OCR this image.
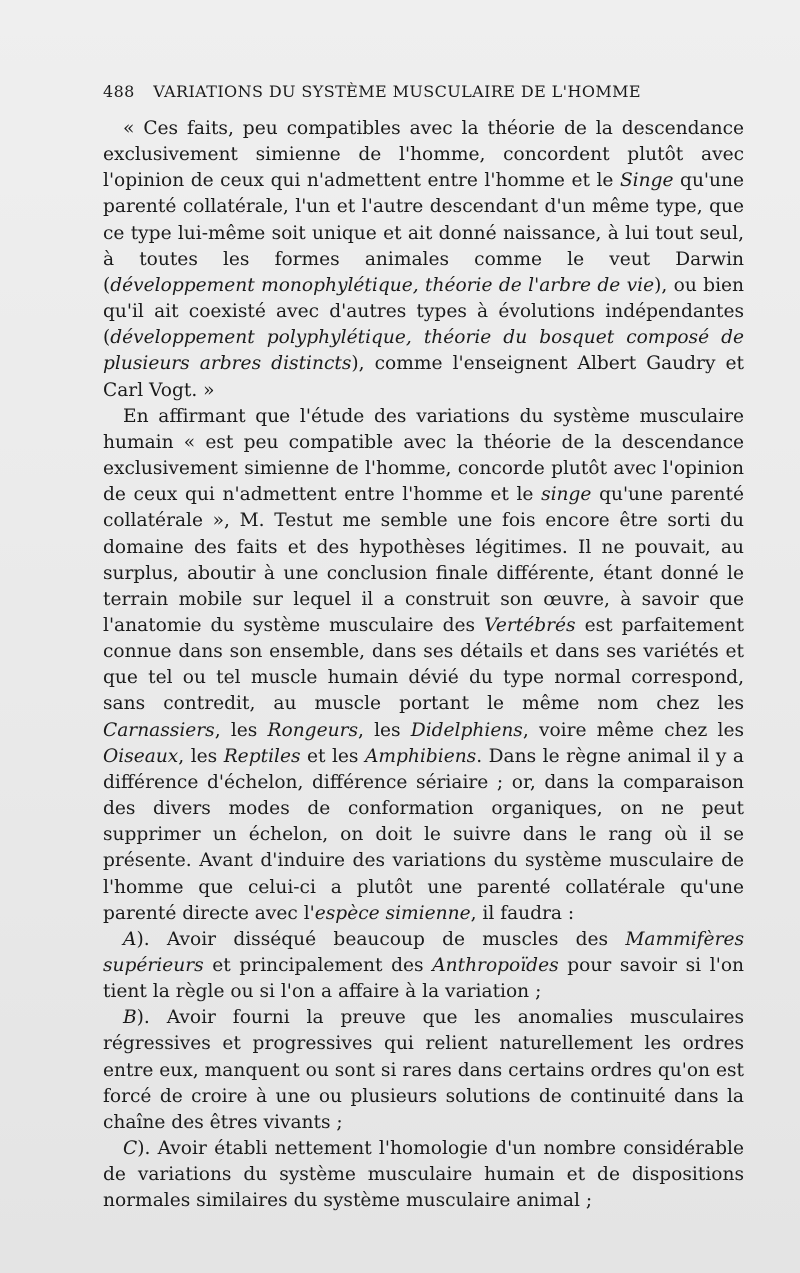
488 VARIATIONS DU SYSTÈME MUSCULAIRE DE L'HOMME

« Ces faits, peu compatibles avec la théorie de la descendance exclusivement simienne de l'homme, concordent plutôt avec l'opinion de ceux qui n'admettent entre l'homme et le Singe qu'une parenté collatérale, l'un et l'autre descendant d'un même type, que ce type lui-même soit unique et ait donné naissance, à lui tout seul, à toutes les formes animales comme le veut Darwin (développement monophylétique, théorie de l'arbre de vie), ou bien qu'il ait coexisté avec d'autres types à évolutions indépendantes (développement polyphylétique, théorie du bosquet composé de plusieurs arbres distincts), comme l'enseignent Albert Gaudry et Carl Vogt. »

En affirmant que l'étude des variations du système musculaire humain « est peu compatible avec la théorie de la descendance exclusivement simienne de l'homme, concorde plutôt avec l'opinion de ceux qui n'admettent entre l'homme et le singe qu'une parenté collatérale », M. Testut me semble une fois encore être sorti du domaine des faits et des hypothèses légitimes. Il ne pouvait, au surplus, aboutir à une conclusion finale différente, étant donné le terrain mobile sur lequel il a construit son œuvre, à savoir que l'anatomie du système musculaire des Vertébrés est parfaitement connue dans son ensemble, dans ses détails et dans ses variétés et que tel ou tel muscle humain dévié du type normal correspond, sans contredit, au muscle portant le même nom chez les Carnassiers, les Rongeurs, les Didelphiens, voire même chez les Oiseaux, les Reptiles et les Amphibiens. Dans le règne animal il y a différence d'échelon, différence sériaire ; or, dans la comparaison des divers modes de conformation organiques, on ne peut supprimer un échelon, on doit le suivre dans le rang où il se présente. Avant d'induire des variations du système musculaire de l'homme que celui-ci a plutôt une parenté collatérale qu'une parenté directe avec l'espèce simienne, il faudra :

A). Avoir disséqué beaucoup de muscles des Mammifères supérieurs et principalement des Anthropoïdes pour savoir si l'on tient la règle ou si l'on a affaire à la variation ;

B). Avoir fourni la preuve que les anomalies musculaires régressives et progressives qui relient naturellement les ordres entre eux, manquent ou sont si rares dans certains ordres qu'on est forcé de croire à une ou plusieurs solutions de continuité dans la chaîne des êtres vivants ;

C). Avoir établi nettement l'homologie d'un nombre considérable de variations du système musculaire humain et de dispositions normales similaires du système musculaire animal ;
